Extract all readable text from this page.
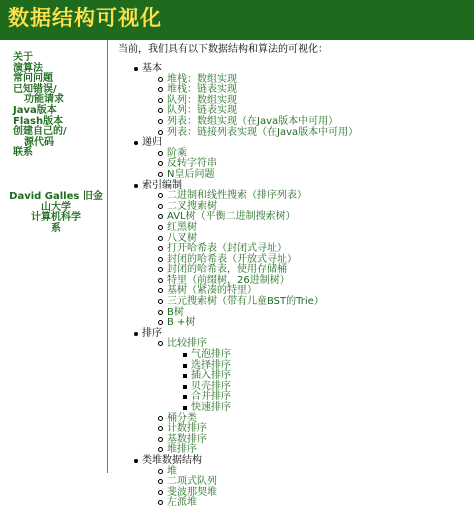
数据结构可视化
关于
演算法
常问问题
已知错误/
功能请求
Java版本
Flash版本
创建自己的/
源代码
联系
David Galles 旧金
山大学
计算机科学
系

当前，我们具有以下数据结构和算法的可视化：

基本
堆栈：数组实现
堆栈：链表实现
队列：数组实现
队列：链表实现
列表：数组实现（在Java版本中可用）
列表：链接列表实现（在Java版本中可用）
递归
阶乘
反转字符串
N皇后问题
索引编制
二进制和线性搜索（排序列表）
二叉搜索树
AVL树（平衡二进制搜索树）
红黑树
八叉树
打开哈希表（封闭式寻址）
封闭的哈希表（开放式寻址）
封闭的哈希表，使用存储桶
特里（前缀树，26进制树）
基树（紧凑的特里）
三元搜索树（带有儿童BST的Trie）
B树
B +树
排序
比较排序
气泡排序
选择排序
插入排序
贝壳排序
合并排序
快速排序
桶分类
计数排序
基数排序
堆排序
类堆数据结构
堆
二项式队列
斐波那契堆
左派堆
